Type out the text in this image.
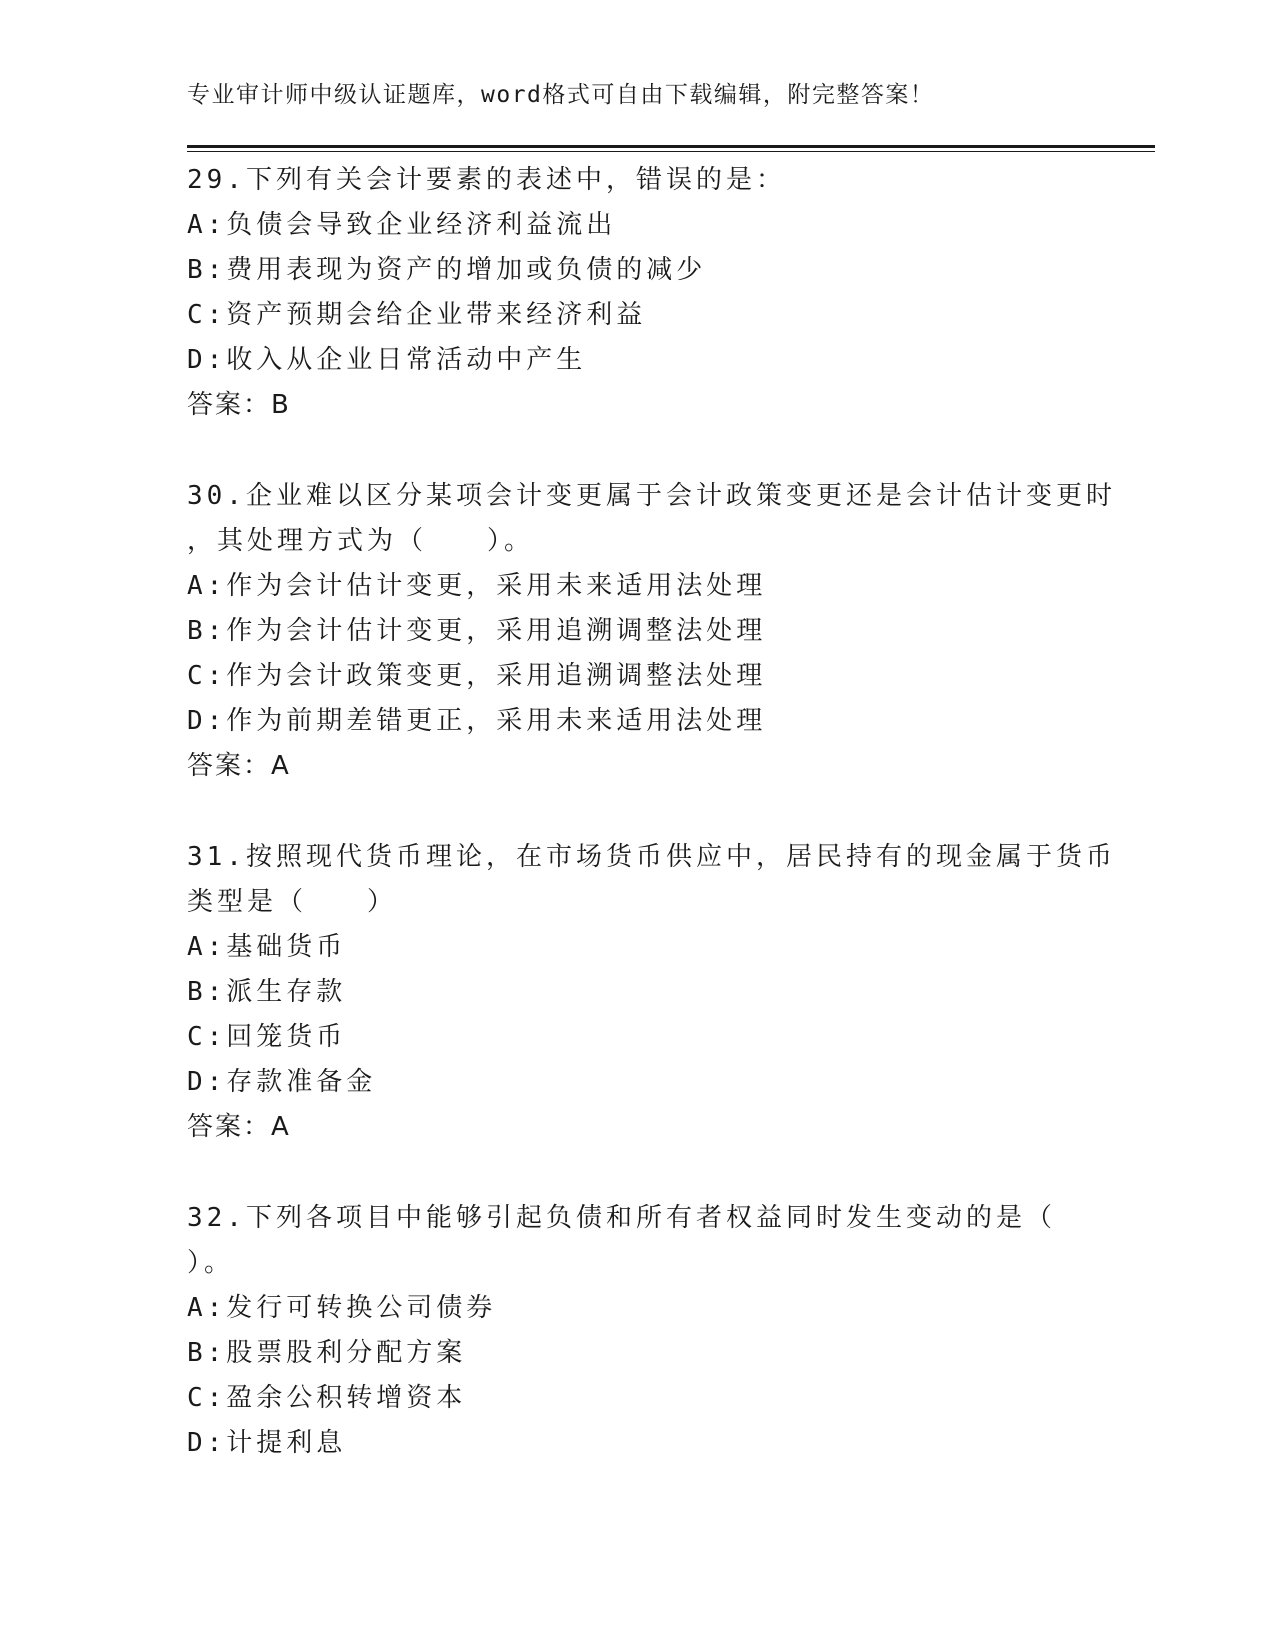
专业审计师中级认证题库，word格式可自由下载编辑，附完整答案！
29.下列有关会计要素的表述中，错误的是：
A:负债会导致企业经济利益流出
B:费用表现为资产的增加或负债的减少
C:资产预期会给企业带来经济利益
D:收入从企业日常活动中产生
答案：B
30.企业难以区分某项会计变更属于会计政策变更还是会计估计变更时
，其处理方式为（　　）。
A:作为会计估计变更，采用未来适用法处理
B:作为会计估计变更，采用追溯调整法处理
C:作为会计政策变更，采用追溯调整法处理
D:作为前期差错更正，采用未来适用法处理
答案：A
31.按照现代货币理论，在市场货币供应中，居民持有的现金属于货币
类型是（　　）
A:基础货币
B:派生存款
C:回笼货币
D:存款准备金
答案：A
32.下列各项目中能够引起负债和所有者权益同时发生变动的是（
）。
A:发行可转换公司债券
B:股票股利分配方案
C:盈余公积转增资本
D:计提利息
